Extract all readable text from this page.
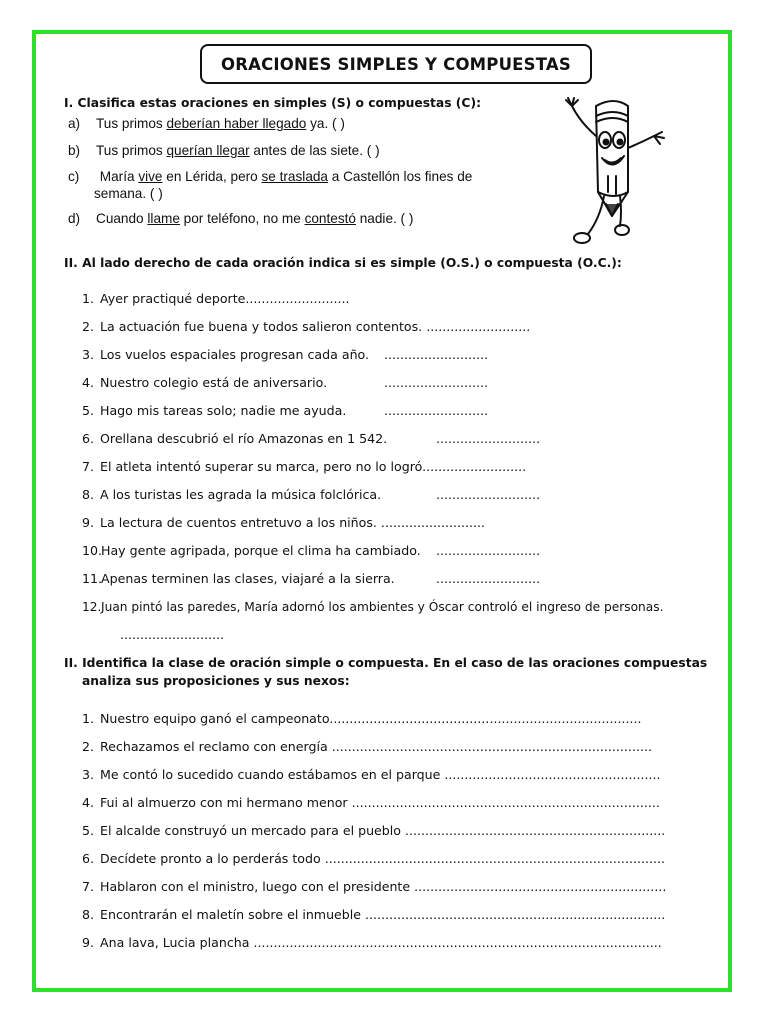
ORACIONES SIMPLES Y COMPUESTAS
I. Clasifica estas oraciones en simples (S) o compuestas (C):
a) Tus primos deberían haber llegado ya. ( )
b) Tus primos querían llegar antes de las siete. ( )
c) María vive en Lérida, pero se traslada a Castellón los fines de
semana. ( )
d) Cuando llame por teléfono, no me contestó nadie. ( )
II. Al lado derecho de cada oración indica si es simple (O.S.) o compuesta (O.C.):
1. Ayer practiqué deporte..........................
2. La actuación fue buena y todos salieron contentos. ..........................
3. Los vuelos espaciales progresan cada año. ..........................
4. Nuestro colegio está de aniversario.	..........................
5. Hago mis tareas solo; nadie me ayuda.	..........................
6. Orellana descubrió el río Amazonas en 1 542.	..........................
7. El atleta intentó superar su marca, pero no lo logró..........................
8. A los turistas les agrada la música folclórica.	..........................
9. La lectura de cuentos entretuvo a los niños. ..........................
10.Hay gente agripada, porque el clima ha cambiado. ..........................
11.Apenas terminen las clases, viajaré a la sierra.	..........................
12.Juan pintó las paredes, María adornó los ambientes y Óscar controló el ingreso de personas.
..........................
II. Identifica la clase de oración simple o compuesta. En el caso de las oraciones compuestas
analiza sus proposiciones y sus nexos:
1. Nuestro equipo ganó el campeonato..............................................................................
2. Rechazamos el reclamo con energía ................................................................................
3. Me contó lo sucedido cuando estábamos en el parque ......................................................
4. Fui al almuerzo con mi hermano menor .............................................................................
5. El alcalde construyó un mercado para el pueblo .................................................................
6. Decídete pronto a lo perderás todo .....................................................................................
7. Hablaron con el ministro, luego con el presidente ...............................................................
8. Encontrarán el maletín sobre el inmueble ...........................................................................
9. Ana lava, Lucia plancha ......................................................................................................
